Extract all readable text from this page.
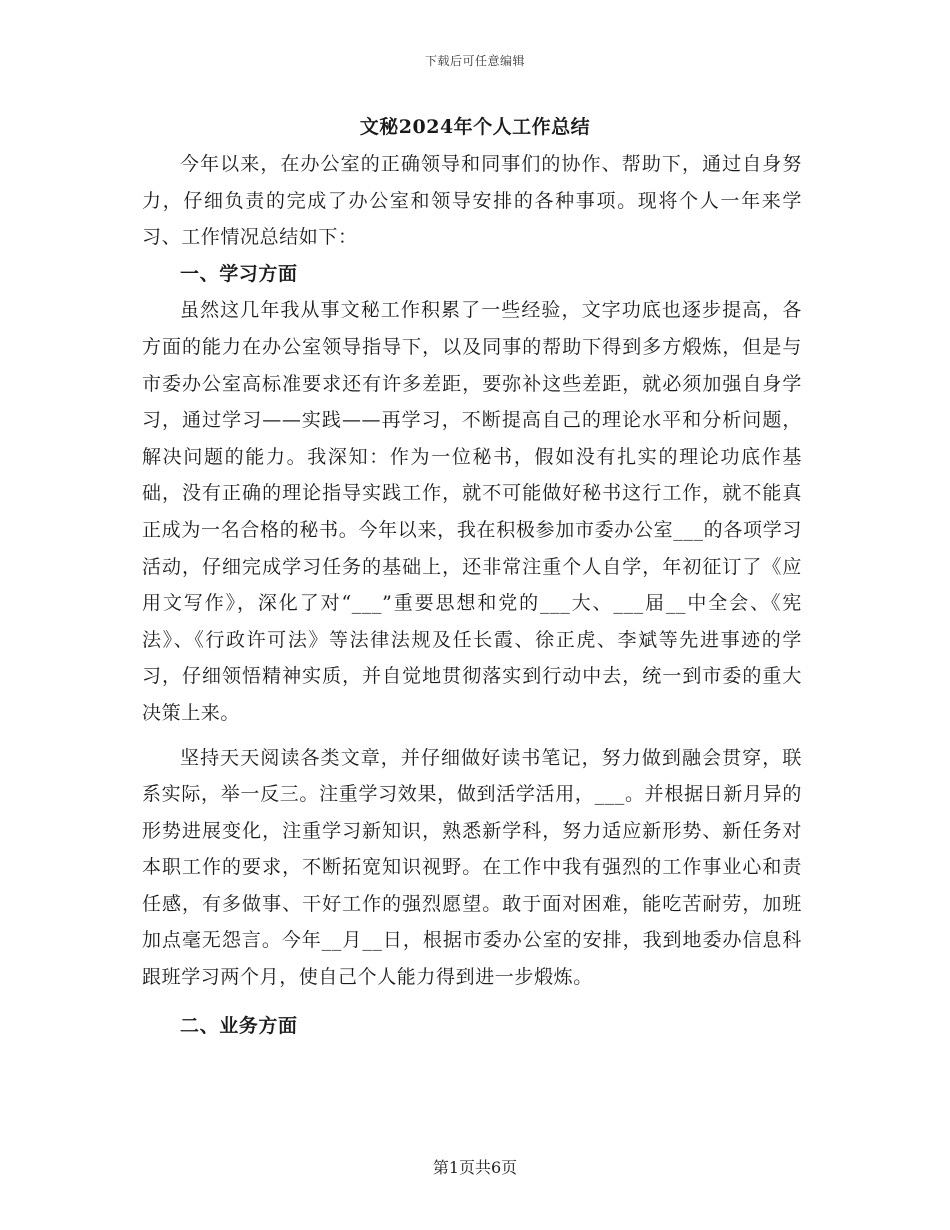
下载后可任意编辑
文秘2024年个人工作总结

今年以来，在办公室的正确领导和同事们的协作、帮助下，通过自身努力，仔细负责的完成了办公室和领导安排的各种事项。现将个人一年来学习、工作情况总结如下：

一、学习方面

虽然这几年我从事文秘工作积累了一些经验，文字功底也逐步提高，各方面的能力在办公室领导指导下，以及同事的帮助下得到多方煅炼，但是与市委办公室高标准要求还有许多差距，要弥补这些差距，就必须加强自身学习，通过学习——实践——再学习，不断提高自己的理论水平和分析问题，解决问题的能力。我深知：作为一位秘书，假如没有扎实的理论功底作基础，没有正确的理论指导实践工作，就不可能做好秘书这行工作，就不能真正成为一名合格的秘书。今年以来，我在积极参加市委办公室___的各项学习活动，仔细完成学习任务的基础上，还非常注重个人自学，年初征订了《应用文写作》，深化了对“___”重要思想和党的___大、___届__中全会、《宪法》、《行政许可法》等法律法规及任长霞、徐正虎、李斌等先进事迹的学习，仔细领悟精神实质，并自觉地贯彻落实到行动中去，统一到市委的重大决策上来。

坚持天天阅读各类文章，并仔细做好读书笔记，努力做到融会贯穿，联系实际，举一反三。注重学习效果，做到活学活用，___。并根据日新月异的形势进展变化，注重学习新知识，熟悉新学科，努力适应新形势、新任务对本职工作的要求，不断拓宽知识视野。在工作中我有强烈的工作事业心和责任感，有多做事、干好工作的强烈愿望。敢于面对困难，能吃苦耐劳，加班加点毫无怨言。今年__月__日，根据市委办公室的安排，我到地委办信息科跟班学习两个月，使自己个人能力得到进一步煅炼。

二、业务方面

第1页共6页
